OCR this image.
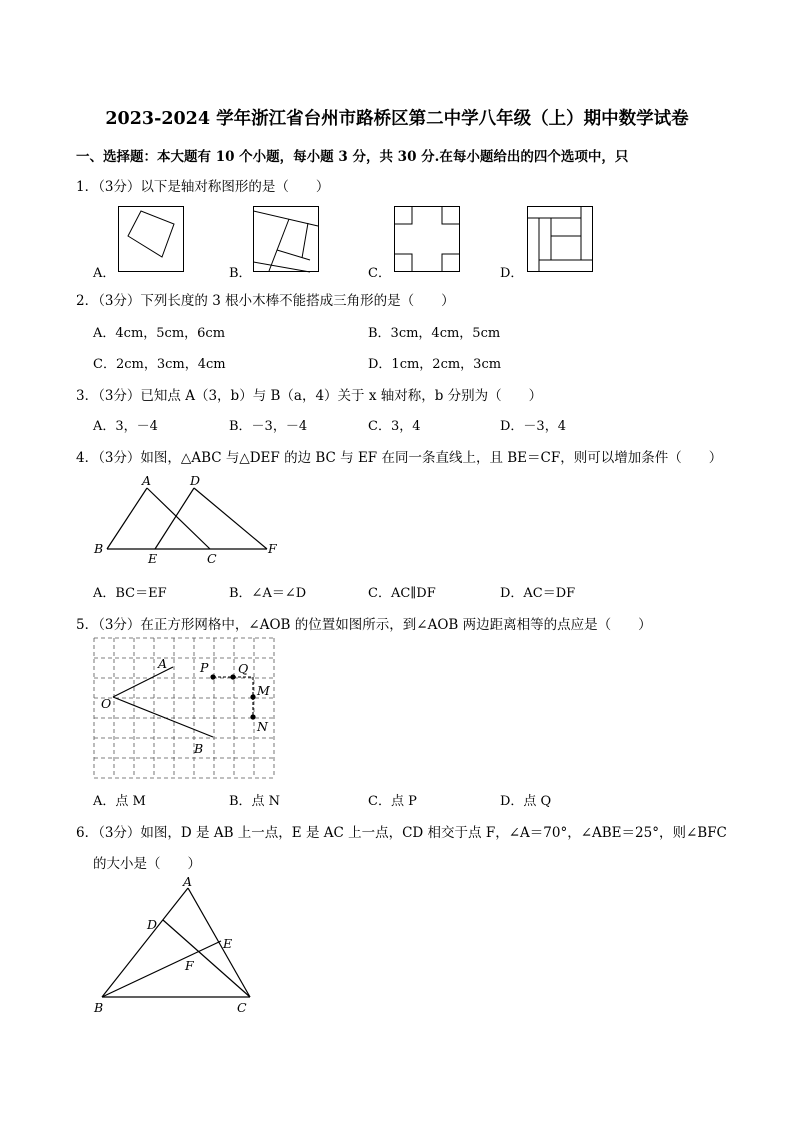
2023-2024 学年浙江省台州市路桥区第二中学八年级（上）期中数学试卷
一、选择题：本大题有 10 个小题，每小题 3 分，共 30 分.在每小题给出的四个选项中，只
1．（3分）以下是轴对称图形的是（　　）
A．	B．	C．	D．
2．（3分）下列长度的 3 根小木棒不能搭成三角形的是（　　）
A．4cm，5cm，6cm	B．3cm，4cm，5cm
C．2cm，3cm，4cm	D．1cm，2cm，3cm
3．（3分）已知点 A（3，b）与 B（a，4）关于 x 轴对称，b 分别为（　　）
A．3，－4	B．－3，－4	C．3，4	D．－3，4
4．（3分）如图，△ABC 与△DEF 的边 BC 与 EF 在同一条直线上，且 BE＝CF，则可以增加条件（　　）
A	D
B
E	C
F
A．BC＝EF	B．∠A＝∠D	C．AC∥DF	D．AC＝DF
5．（3分）在正方形网格中，∠AOB 的位置如图所示，到∠AOB 两边距离相等的点应是（　　）
O
A
B
P Q
M
N
A．点 M	B．点 N	C．点 P	D．点 Q
6．（3分）如图，D 是 AB 上一点，E 是 AC 上一点，CD 相交于点 F，∠A＝70°，∠ABE＝25°，则∠BFC
的大小是（　　）
A
D
E
F
B	C
